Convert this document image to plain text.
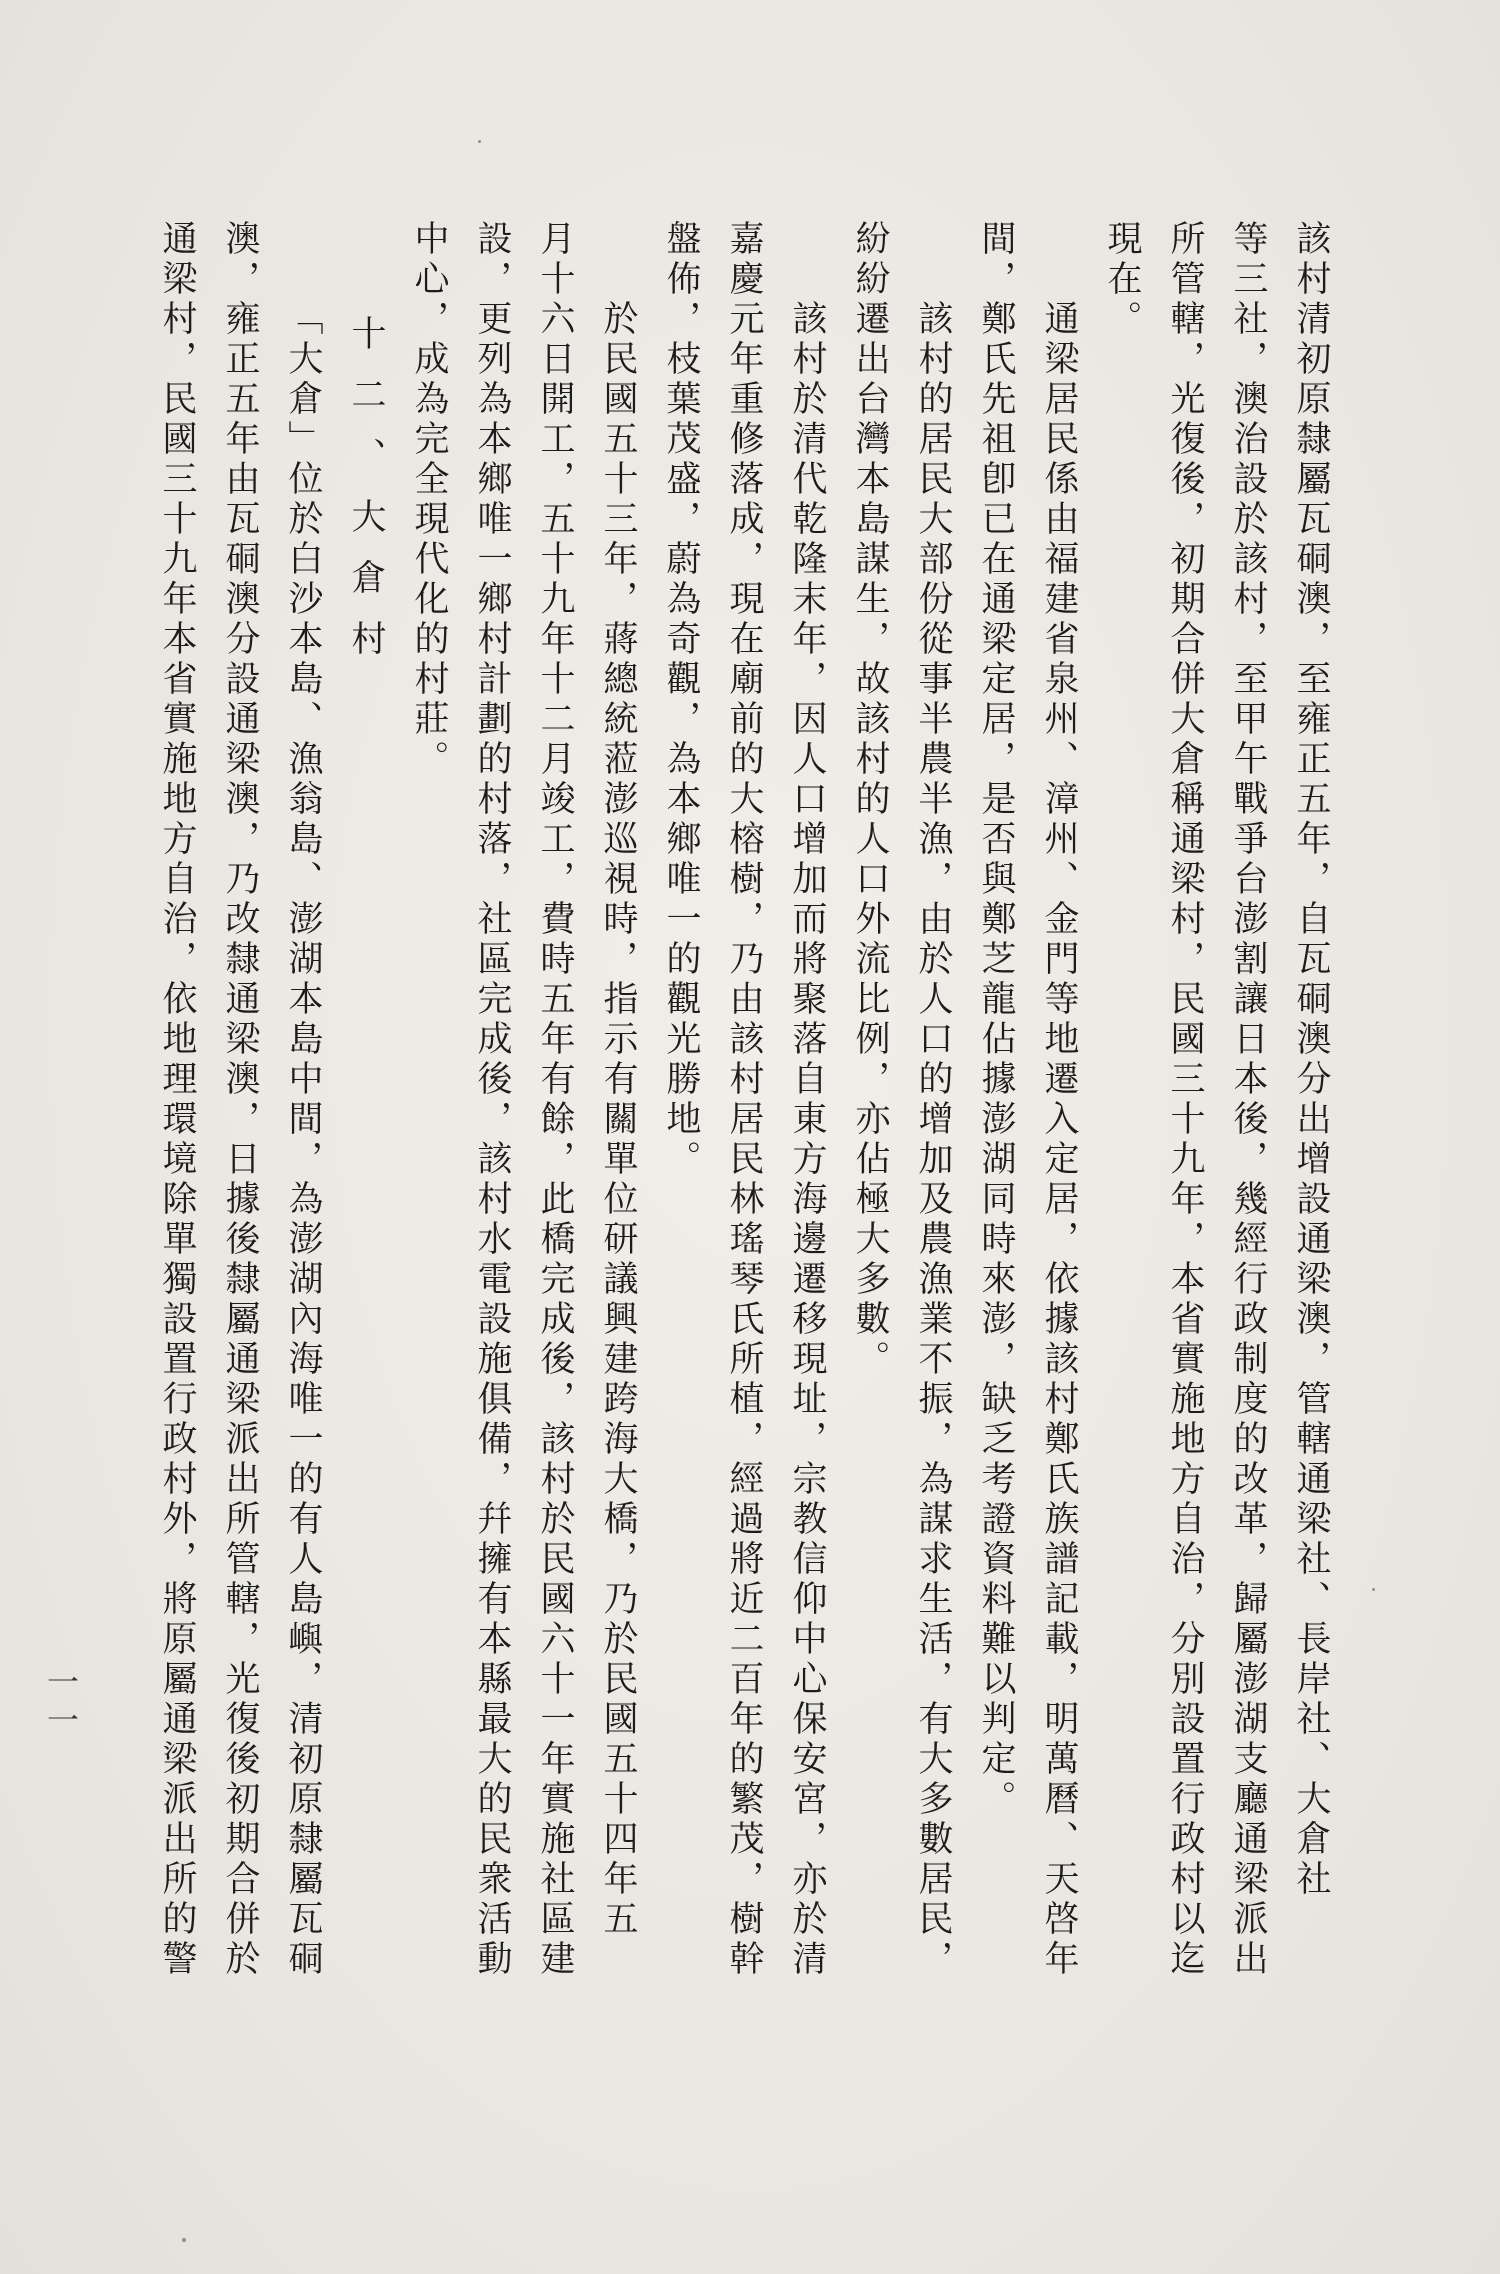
該村清初原隸屬瓦硐澳，至雍正五年，自瓦硐澳分出增設通梁澳，管轄通梁社、長岸社、大倉社
等三社，澳治設於該村，至甲午戰爭台澎割讓日本後，幾經行政制度的改革，歸屬澎湖支廳通梁派出
所管轄，光復後，初期合併大倉稱通梁村，民國三十九年，本省實施地方自治，分別設置行政村以迄
現在。
通梁居民係由福建省泉州、漳州、金門等地遷入定居，依據該村鄭氏族譜記載，明萬曆、天啓年
間，鄭氏先祖卽已在通梁定居，是否與鄭芝龍佔據澎湖同時來澎，缺乏考證資料難以判定。
該村的居民大部份從事半農半漁，由於人口的增加及農漁業不振，為謀求生活，有大多數居民，
紛紛遷出台灣本島謀生，故該村的人口外流比例，亦佔極大多數。
該村於清代乾隆末年，因人口增加而將聚落自東方海邊遷移現址，宗教信仰中心保安宮，亦於清
嘉慶元年重修落成，現在廟前的大榕樹，乃由該村居民林瑤琴氏所植，經過將近二百年的繁茂，樹幹
盤佈，枝葉茂盛，蔚為奇觀，為本鄉唯一的觀光勝地。
於民國五十三年，蔣總統蒞澎巡視時，指示有關單位研議興建跨海大橋，乃於民國五十四年五
月十六日開工，五十九年十二月竣工，費時五年有餘，此橋完成後，該村於民國六十一年實施社區建
設，更列為本鄉唯一鄉村計劃的村落，社區完成後，該村水電設施俱備，幷擁有本縣最大的民衆活動
中心，成為完全現代化的村莊。
十二、大倉村
「大倉」位於白沙本島、漁翁島、澎湖本島中間，為澎湖內海唯一的有人島嶼，清初原隸屬瓦硐
澳，雍正五年由瓦硐澳分設通梁澳，乃改隸通梁澳，日據後隸屬通梁派出所管轄，光復後初期合併於
通梁村，民國三十九年本省實施地方自治，依地理環境除單獨設置行政村外，將原屬通梁派出所的警
一一
